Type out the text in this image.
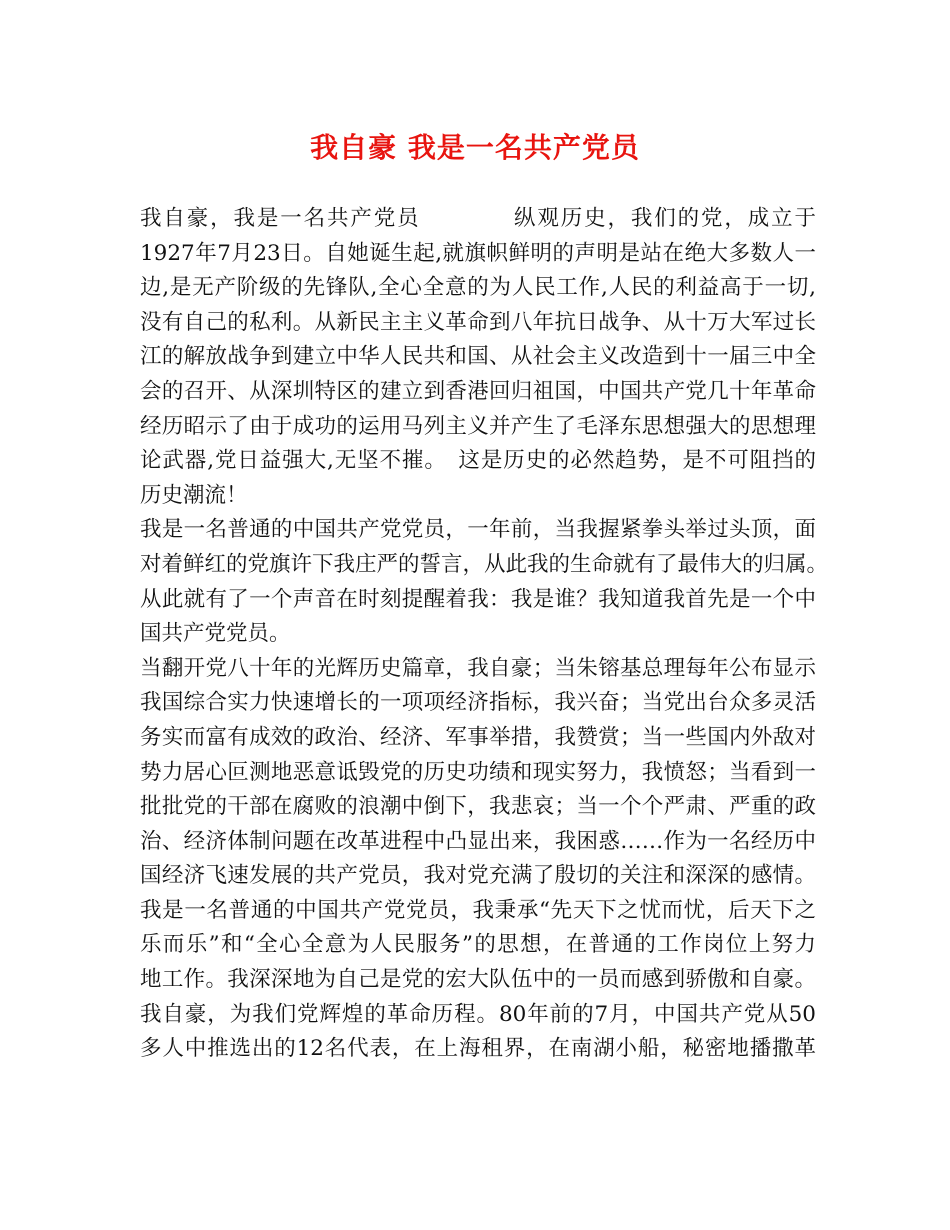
我自豪 我是一名共产党员
我自豪，我是一名共产党员　　　　纵观历史，我们的党，成立于
1927年7月23日。自她诞生起,就旗帜鲜明的声明是站在绝大多数人一
边,是无产阶级的先锋队,全心全意的为人民工作,人民的利益高于一切,
没有自己的私利。从新民主主义革命到八年抗日战争、从十万大军过长
江的解放战争到建立中华人民共和国、从社会主义改造到十一届三中全
会的召开、从深圳特区的建立到香港回归祖国，中国共产党几十年革命
经历昭示了由于成功的运用马列主义并产生了毛泽东思想强大的思想理
论武器,党日益强大,无坚不摧。　这是历史的必然趋势，是不可阻挡的
历史潮流！
我是一名普通的中国共产党党员，一年前，当我握紧拳头举过头顶，面
对着鲜红的党旗许下我庄严的誓言，从此我的生命就有了最伟大的归属。
从此就有了一个声音在时刻提醒着我：我是谁？我知道我首先是一个中
国共产党党员。
当翻开党八十年的光辉历史篇章，我自豪；当朱镕基总理每年公布显示
我国综合实力快速增长的一项项经济指标，我兴奋；当党出台众多灵活
务实而富有成效的政治、经济、军事举措，我赞赏；当一些国内外敌对
势力居心叵测地恶意诋毁党的历史功绩和现实努力，我愤怒；当看到一
批批党的干部在腐败的浪潮中倒下，我悲哀；当一个个严肃、严重的政
治、经济体制问题在改革进程中凸显出来，我困惑……作为一名经历中
国经济飞速发展的共产党员，我对党充满了殷切的关注和深深的感情。
我是一名普通的中国共产党党员，我秉承“先天下之忧而忧，后天下之
乐而乐”和“全心全意为人民服务”的思想，在普通的工作岗位上努力
地工作。我深深地为自己是党的宏大队伍中的一员而感到骄傲和自豪。
我自豪，为我们党辉煌的革命历程。80年前的7月，中国共产党从50
多人中推选出的12名代表，在上海租界，在南湖小船，秘密地播撒革
